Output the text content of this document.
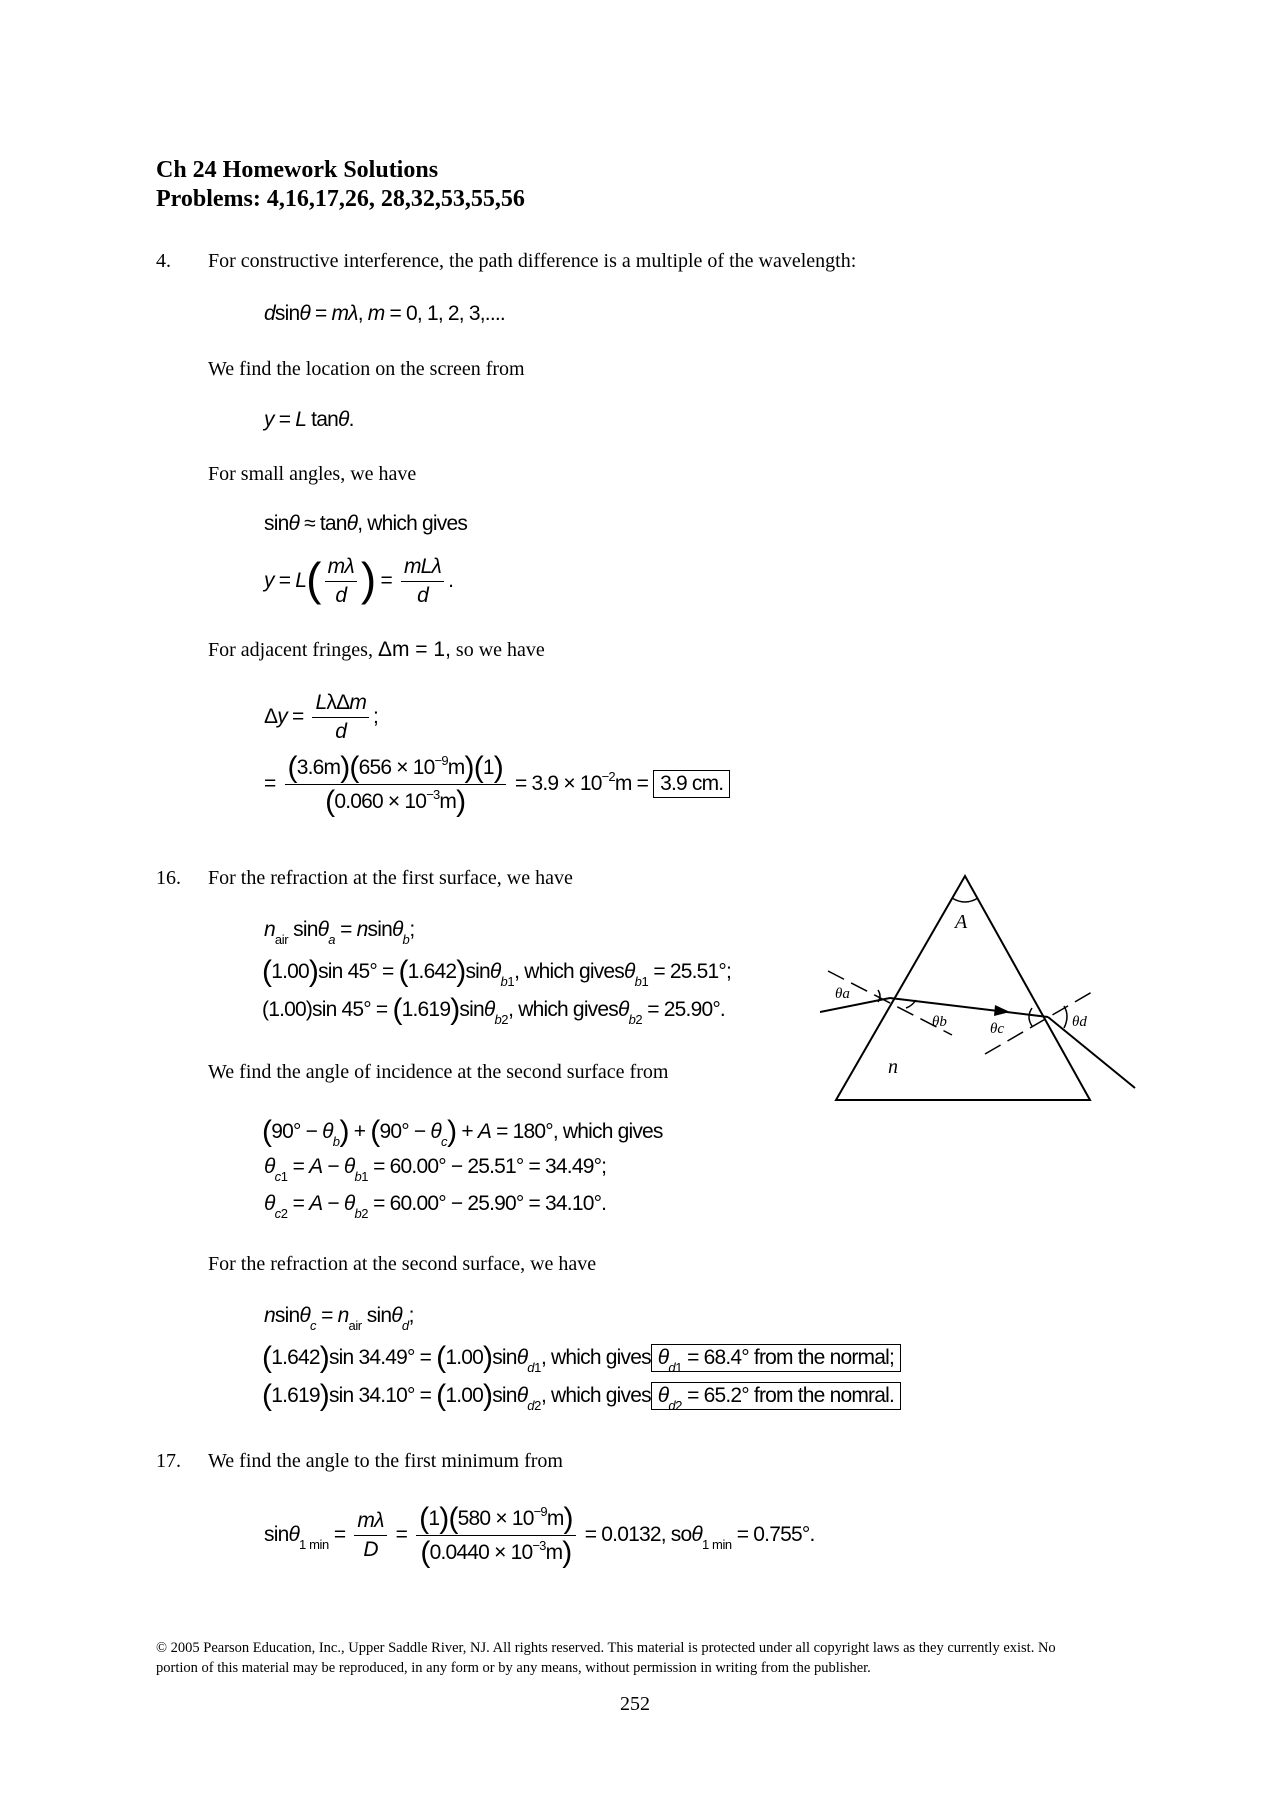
Ch 24 Homework Solutions
Problems: 4,16,17,26, 28,32,53,55,56
4. For constructive interference, the path difference is a multiple of the wavelength:
dsinθ = mλ, m = 0, 1, 2, 3,....
We find the location on the screen from
y = L tanθ.
For small angles, we have
sinθ ≈ tanθ, which gives
$y = L( \frac{m\lambda}{d}$ ) = $\frac{\text{mLλ}}{d}$ .
For adjacent fringes, Δm = 1, so we have
$\Delta y = \frac{\text{LλΔm}}{d}$ ;
= $\frac{(3.6m)(656 \times 10^{-9}m)(1)}{(0.060 \times 10^{-3}m)} = 3.9 \times 10^{-2}m = 3.9$ cm.
16. For the refraction at the first surface, we have
$n_{air}$ sinθ$_a$ = nsinθ$_b$;
(1.00)sin 45° = (1.642)sinθ$_{b1}$, which givesθ$_{b1}$ = 25.51°;
(1.00)sin 45° = (1.619)sinθ$_{b2}$, which givesθ$_{b2}$ = 25.90°.
We find the angle of incidence at the second surface from
$(90^\circ - \theta_b) + (90^\circ - \theta_c) + A = 180^\circ$, which gives
$\theta_{c1} = A - \theta_{b1} = 60.00^\circ - 25.51^\circ = 34.49^\circ$;
$\theta_{c2} = A - \theta_{b2} = 60.00^\circ - 25.90^\circ = 34.10^\circ$.
For the refraction at the second surface, we have
$nsin\theta_c = n_{air}$ sinθ$_d$;
(1.642)sin 34.49° = (1.00)sinθ$_{d1}$, which gives $\theta_{d1} = 68.4^\circ$ from the normal;
(1.619)sin 34.10° = (1.00)sinθ$_{d2}$, which gives $\theta_{d2} = 65.2^\circ$ from the nomral.
A
n
θa
θb	θc	θd
17. We find the angle to the first minimum from
$\sin\theta_{1 min} = \frac{m\lambda}{D} = \frac{(1)(580 \times 10^{-9}m)}{(0.0440 \times 10^{-3}m)} = 0.0132$, soθ$_{1 min}$ = 0.755°.
© 2005 Pearson Education, Inc., Upper Saddle River, NJ. All rights reserved. This material is protected under all copyright laws as they currently exist. No portion of this material may be reproduced, in any form or by any means, without permission in writing from the publisher.
252
